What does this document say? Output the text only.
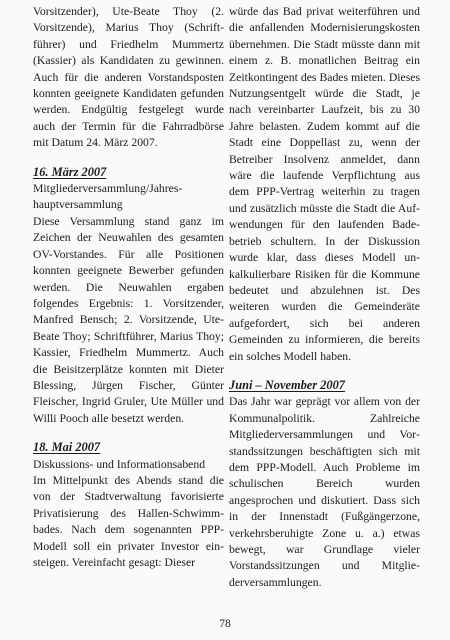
Vorsitzender), Ute-Beate Thoy (2. Vorsitzende), Marius Thoy (Schriftführer) und Friedhelm Mummertz (Kassier) als Kandidaten zu gewinnen. Auch für die anderen Vorstandsposten konnten geeignete Kandidaten gefunden werden. Endgültig festgelegt wurde auch der Termin für die Fahrradbörse mit Datum 24. März 2007.

16. März 2007

Mitgliederversammlung/Jahres-

hauptversammlung

Diese Versammlung stand ganz im Zeichen der Neuwahlen des gesamten OV-Vorstandes. Für alle Positionen konnten geeignete Bewerber gefunden werden. Die Neuwahlen ergaben folgendes Ergebnis: 1. Vorsitzender, Manfred Bensch; 2. Vorsitzende, Ute-Beate Thoy; Schriftführer, Marius Thoy; Kassier, Friedhelm Mummertz. Auch die Beisitzerplätze konnten mit Dieter Blessing, Jürgen Fischer, Günter Fleischer, Ingrid Gruler, Ute Müller und Willi Pooch alle besetzt werden.

18. Mai 2007

Diskussions- und Informationsabend

Im Mittelpunkt des Abends stand die von der Stadtverwaltung favorisierte Privatisierung des Hallen-Schwimmbades. Nach dem sogenannten PPP-Modell soll ein privater Investor einsteigen. Vereinfacht gesagt: Dieser

würde das Bad privat weiterführen und die anfallenden Modernisierungskosten übernehmen. Die Stadt müsste dann mit einem z. B. monatlichen Beitrag ein Zeitkontingent des Bades mieten. Dieses Nutzungsentgelt würde die Stadt, je nach vereinbarter Laufzeit, bis zu 30 Jahre belasten. Zudem kommt auf die Stadt eine Doppellast zu, wenn der Betreiber Insolvenz anmeldet, dann wäre die laufende Verpflichtung aus dem PPP-Vertrag weiterhin zu tragen und zusätzlich müsste die Stadt die Aufwendungen für den laufenden Badebetrieb schultern. In der Diskussion wurde klar, dass dieses Modell unkalkulierbare Risiken für die Kommune bedeutet und abzulehnen ist. Des weiteren wurden die Gemeinderäte aufgefordert, sich bei anderen Gemeinden zu informieren, die bereits ein solches Modell haben.

Juni – November 2007

Das Jahr war geprägt vor allem von der Kommunalpolitik. Zahlreiche Mitgliederversammlungen und Vorstandssitzungen beschäftigten sich mit dem PPP-Modell. Auch Probleme im schulischen Bereich wurden angesprochen und diskutiert. Dass sich in der Innenstadt (Fußgängerzone, verkehrsberuhigte Zone u. a.) etwas bewegt, war Grundlage vieler Vorstandssitzungen und Mitgliederversammlungen.

78
